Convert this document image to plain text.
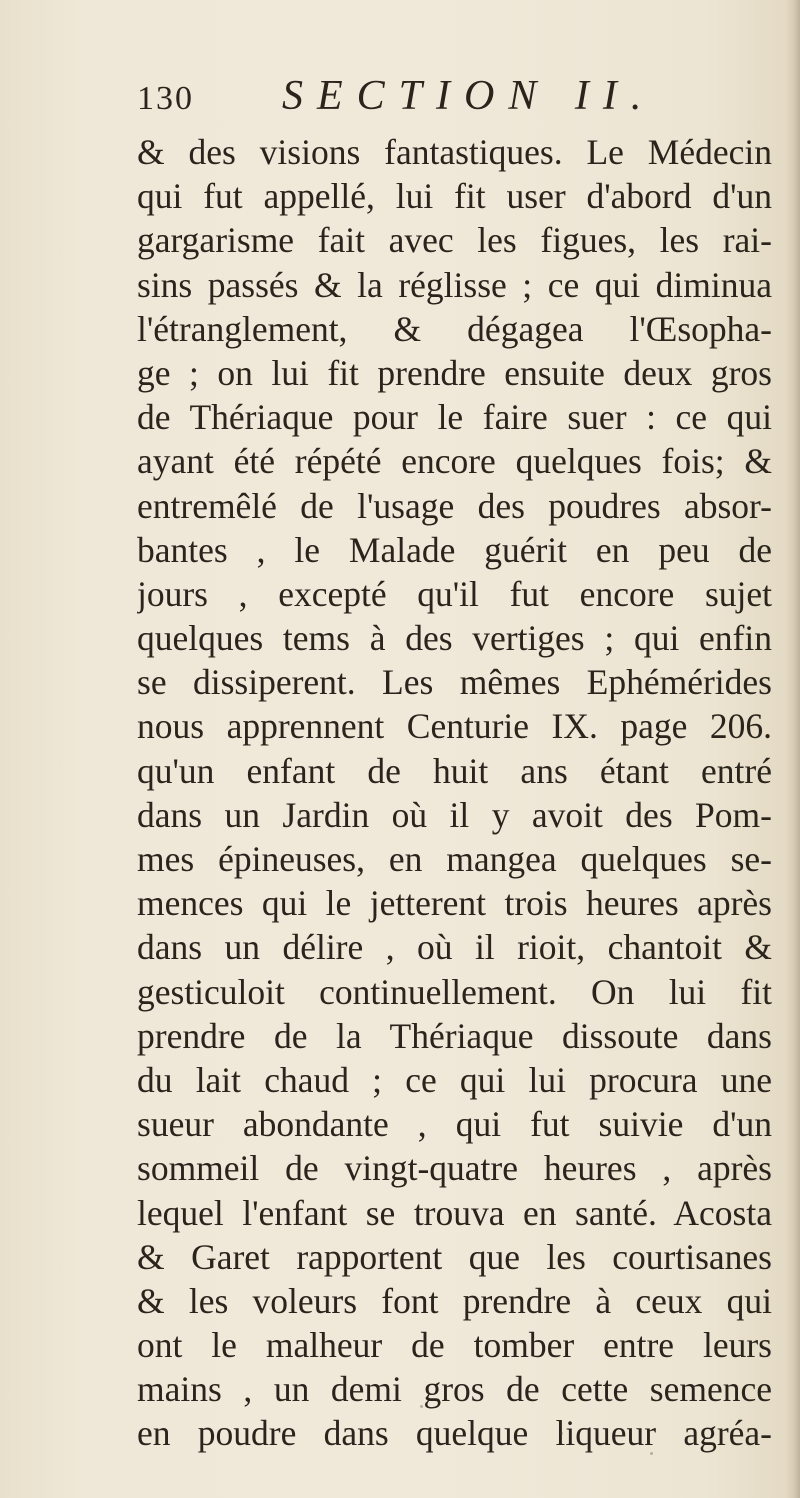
130 SECTION II.
& des visions fantastiques. Le Médecin
qui fut appellé, lui fit user d'abord d'un
gargarisme fait avec les figues, les rai-
sins passés & la réglisse ; ce qui diminua
l'étranglement, & dégagea l'Œsopha-
ge ; on lui fit prendre ensuite deux gros
de Thériaque pour le faire suer : ce qui
ayant été répété encore quelques fois; &
entremêlé de l'usage des poudres absor-
bantes , le Malade guérit en peu de
jours , excepté qu'il fut encore sujet
quelques tems à des vertiges ; qui enfin
se dissiperent. Les mêmes Ephémérides
nous apprennent Centurie IX. page 206.
qu'un enfant de huit ans étant entré
dans un Jardin où il y avoit des Pom-
mes épineuses, en mangea quelques se-
mences qui le jetterent trois heures après
dans un délire , où il rioit, chantoit &
gesticuloit continuellement. On lui fit
prendre de la Thériaque dissoute dans
du lait chaud ; ce qui lui procura une
sueur abondante , qui fut suivie d'un
sommeil de vingt-quatre heures , après
lequel l'enfant se trouva en santé. Acosta
& Garet rapportent que les courtisanes
& les voleurs font prendre à ceux qui
ont le malheur de tomber entre leurs
mains , un demi gros de cette semence
en poudre dans quelque liqueur agréa-
